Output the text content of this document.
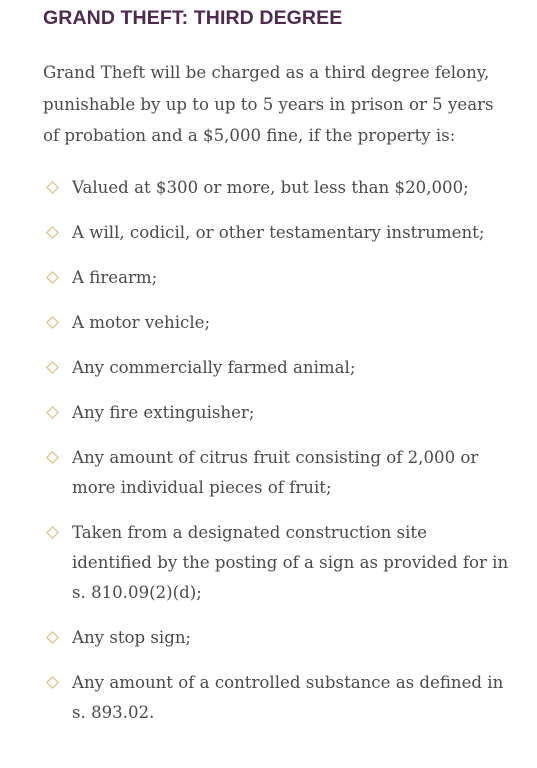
GRAND THEFT: THIRD DEGREE

Grand Theft will be charged as a third degree felony, punishable by up to up to 5 years in prison or 5 years of probation and a $5,000 fine, if the property is:

Valued at $300 or more, but less than $20,000;
A will, codicil, or other testamentary instrument;
A firearm;
A motor vehicle;
Any commercially farmed animal;
Any fire extinguisher;
Any amount of citrus fruit consisting of 2,000 or more individual pieces of fruit;
Taken from a designated construction site identified by the posting of a sign as provided for in s. 810.09(2)(d);
Any stop sign;
Any amount of a controlled substance as defined in s. 893.02.
